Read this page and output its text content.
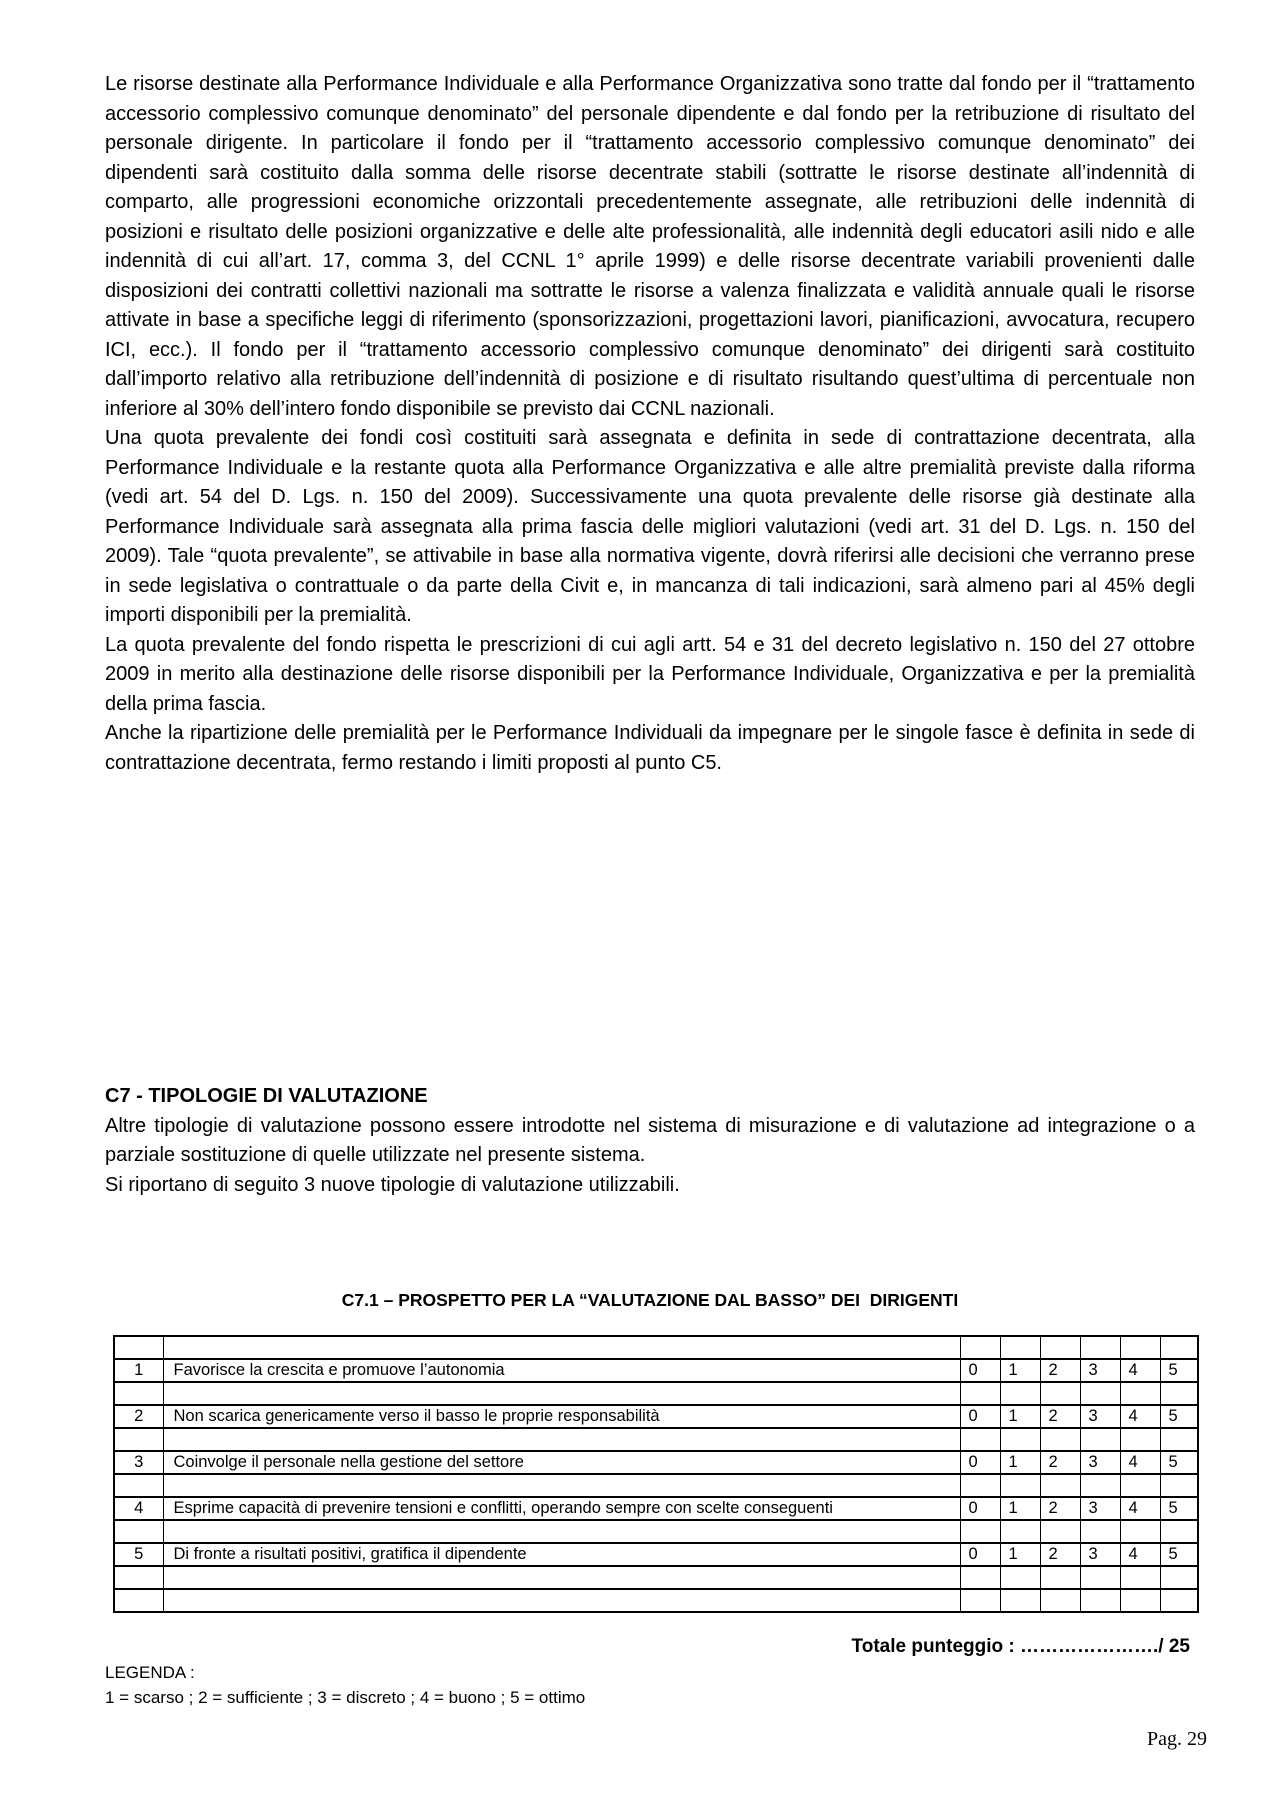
Le risorse destinate alla Performance Individuale e alla Performance Organizzativa sono tratte dal fondo per il “trattamento accessorio complessivo comunque denominato” del personale dipendente e dal fondo per la retribuzione di risultato del personale dirigente. In particolare il fondo per il “trattamento accessorio complessivo comunque denominato” dei dipendenti sarà costituito dalla somma delle risorse decentrate stabili (sottratte le risorse destinate all’indennità di comparto, alle progressioni economiche orizzontali precedentemente assegnate, alle retribuzioni delle indennità di posizioni e risultato delle posizioni organizzative e delle alte professionalità, alle indennità degli educatori asili nido e alle indennità di cui all’art. 17, comma 3, del CCNL 1° aprile 1999) e delle risorse decentrate variabili provenienti dalle disposizioni dei contratti collettivi nazionali ma sottratte le risorse a valenza finalizzata e validità annuale quali le risorse attivate in base a specifiche leggi di riferimento (sponsorizzazioni, progettazioni lavori, pianificazioni, avvocatura, recupero ICI, ecc.). Il fondo per il “trattamento accessorio complessivo comunque denominato” dei dirigenti sarà costituito dall’importo relativo alla retribuzione dell’indennità di posizione e di risultato risultando quest’ultima di percentuale non inferiore al 30% dell’intero fondo disponibile se previsto dai CCNL nazionali.

Una quota prevalente dei fondi così costituiti sarà assegnata e definita in sede di contrattazione decentrata, alla Performance Individuale e la restante quota alla Performance Organizzativa e alle altre premialità previste dalla riforma (vedi art. 54 del D. Lgs. n. 150 del 2009). Successivamente una quota prevalente delle risorse già destinate alla Performance Individuale sarà assegnata alla prima fascia delle migliori valutazioni (vedi art. 31 del D. Lgs. n. 150 del 2009). Tale “quota prevalente”, se attivabile in base alla normativa vigente, dovrà riferirsi alle decisioni che verranno prese in sede legislativa o contrattuale o da parte della Civit e, in mancanza di tali indicazioni, sarà almeno pari al 45% degli importi disponibili per la premialità.

La quota prevalente del fondo rispetta le prescrizioni di cui agli artt. 54 e 31 del decreto legislativo n. 150 del 27 ottobre 2009 in merito alla destinazione delle risorse disponibili per la Performance Individuale, Organizzativa e per la premialità della prima fascia.

Anche la ripartizione delle premialità per le Performance Individuali da impegnare per le singole fasce è definita in sede di contrattazione decentrata, fermo restando i limiti proposti al punto C5.

C7 - TIPOLOGIE DI VALUTAZIONE

Altre tipologie di valutazione possono essere introdotte nel sistema di misurazione e di valutazione ad integrazione o a parziale sostituzione di quelle utilizzate nel presente sistema.

Si riportano di seguito 3 nuove tipologie di valutazione utilizzabili.

C7.1 – PROSPETTO PER LA “VALUTAZIONE DAL BASSO” DEI  DIRIGENTI

1	Favorisce la crescita e promuove l’autonomia	0	1	2	3	4	5

2	Non scarica genericamente verso il basso le proprie responsabilità	0	1	2	3	4	5

3	Coinvolge il personale nella gestione del settore	0	1	2	3	4	5

4	Esprime capacità di prevenire tensioni e conflitti, operando sempre con scelte conseguenti	0	1	2	3	4	5

5	Di fronte a risultati positivi, gratifica il dipendente	0	1	2	3	4	5

Totale punteggio : …………………./ 25
LEGENDA :
1 = scarso ; 2 = sufficiente ; 3 = discreto ; 4 = buono ; 5 = ottimo
Pag. 29
